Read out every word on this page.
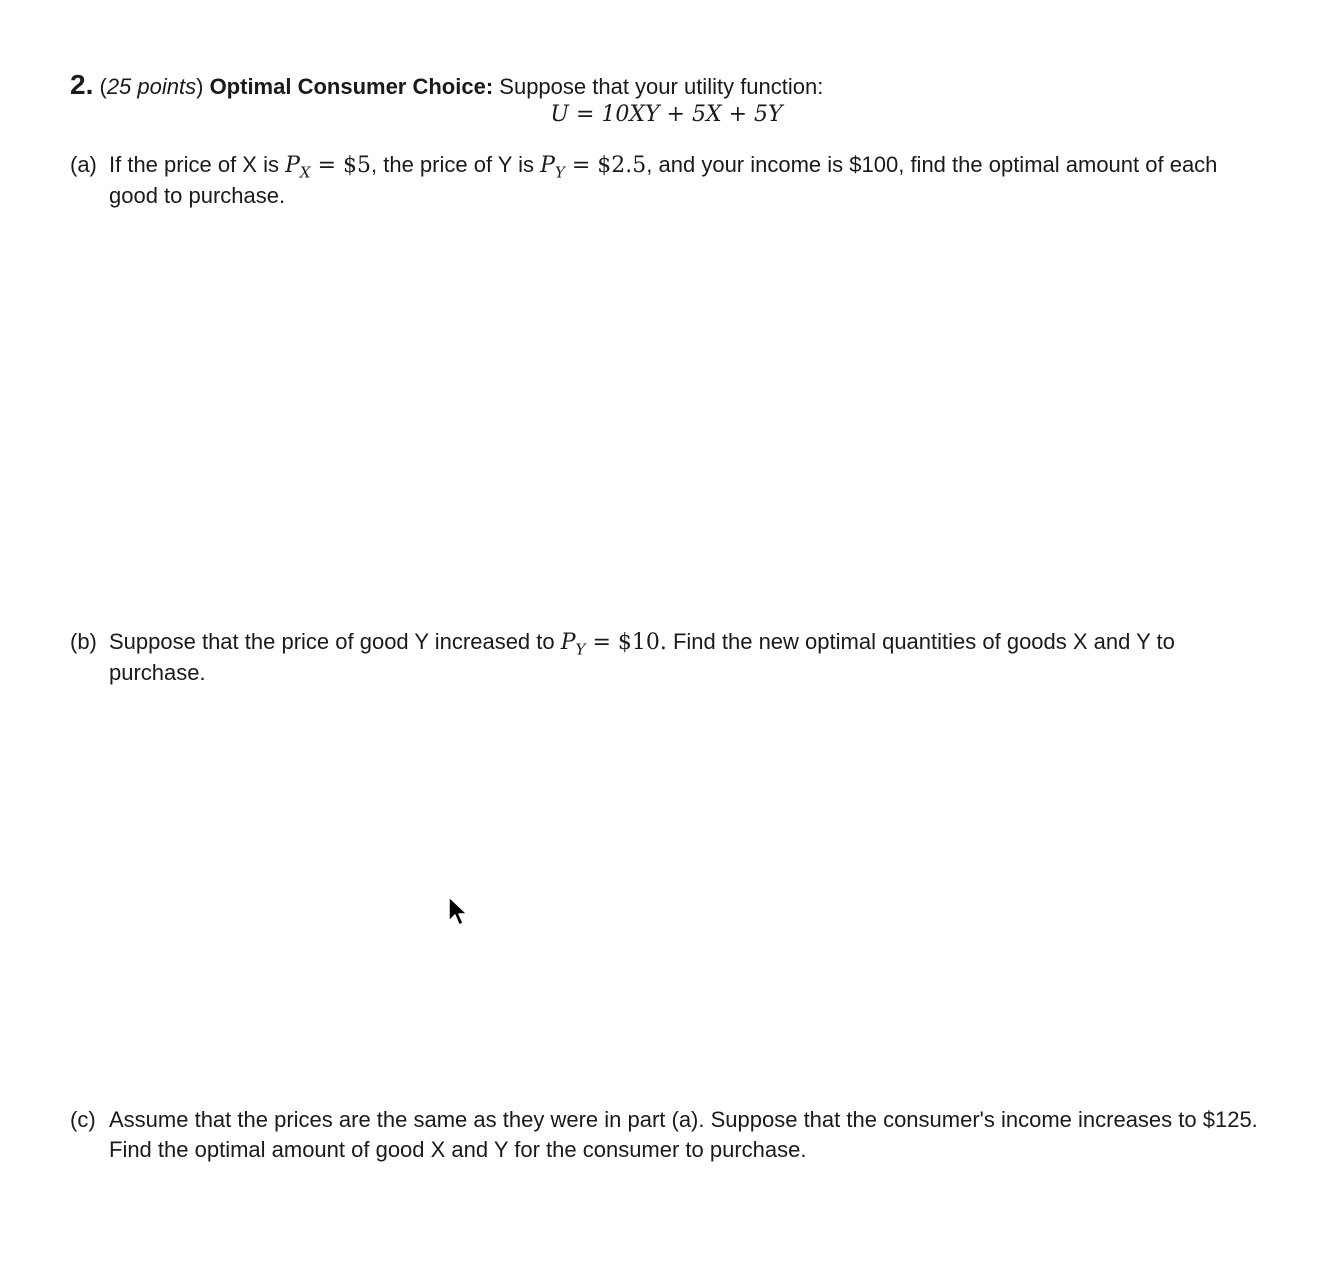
2. (25 points) Optimal Consumer Choice: Suppose that your utility function:
U = 10XY + 5X + 5Y
(a) If the price of X is $P_X$ = $5, the price of Y is $P_Y$ = $2.5, and your income is $100, find the optimal amount of each good to purchase.
(b) Suppose that the price of good Y increased to $P_Y$ = $10. Find the new optimal quantities of goods X and Y to purchase.
(c) Assume that the prices are the same as they were in part (a). Suppose that the consumer's income increases to $125. Find the optimal amount of good X and Y for the consumer to purchase.
